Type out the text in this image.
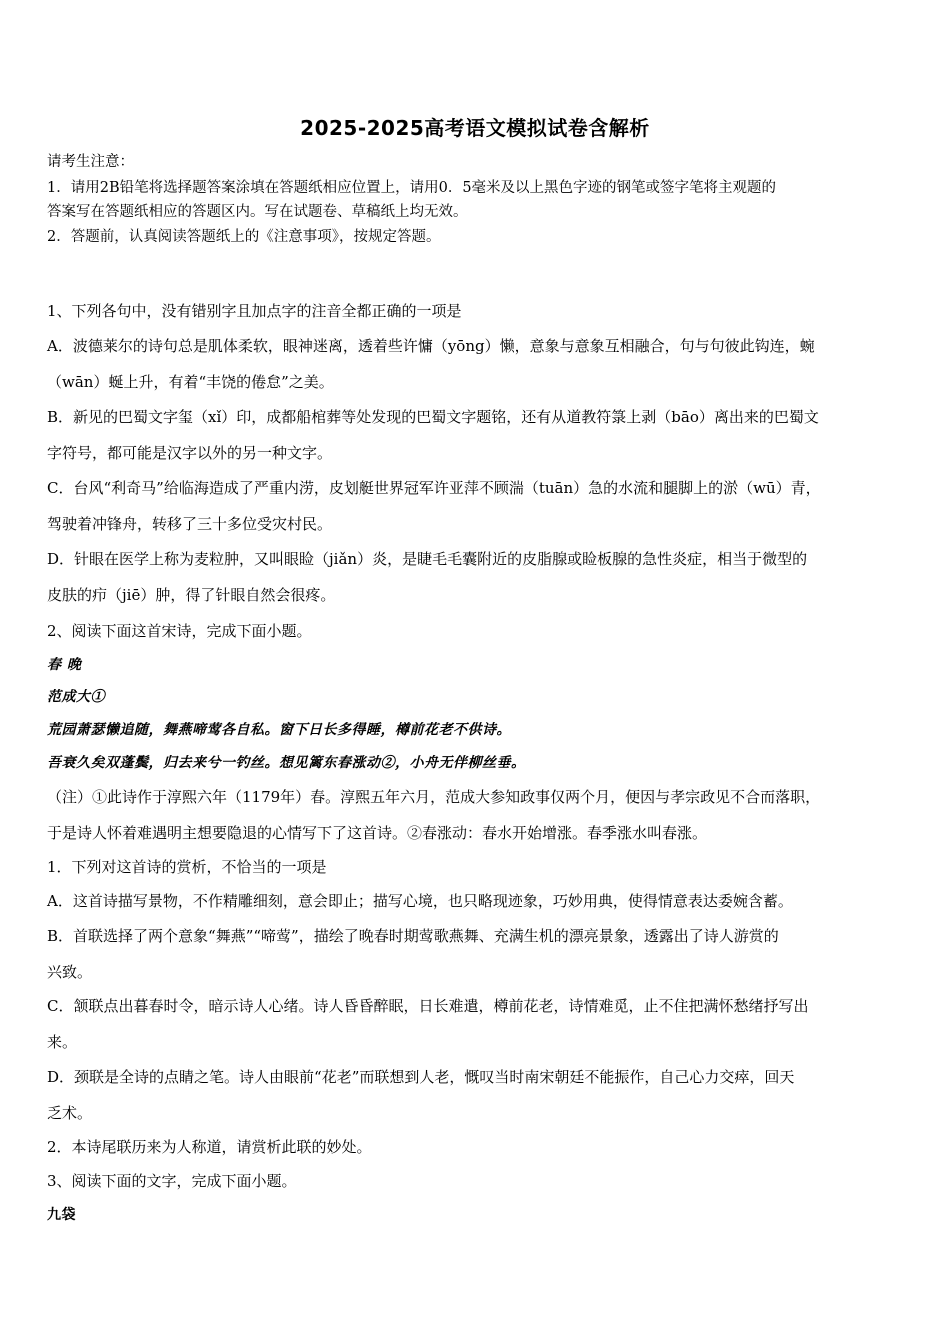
2025-2025高考语文模拟试卷含解析
请考生注意：
1．请用2B铅笔将选择题答案涂填在答题纸相应位置上，请用0．5毫米及以上黑色字迹的钢笔或签字笔将主观题的
答案写在答题纸相应的答题区内。写在试题卷、草稿纸上均无效。
2．答题前，认真阅读答题纸上的《注意事项》，按规定答题。
1、下列各句中，没有错别字且加点字的注音全都正确的一项是
A．波德莱尔的诗句总是肌体柔软，眼神迷离，透着些许慵（yōng）懒，意象与意象互相融合，句与句彼此钩连，蜿
（wān）蜒上升，有着“丰饶的倦怠”之美。
B．新见的巴蜀文字玺（xǐ）印，成都船棺葬等处发现的巴蜀文字题铭，还有从道教符箓上剥（bāo）离出来的巴蜀文
字符号，都可能是汉字以外的另一种文字。
C．台风“利奇马”给临海造成了严重内涝，皮划艇世界冠军许亚萍不顾湍（tuān）急的水流和腿脚上的淤（wū）青，
驾驶着冲锋舟，转移了三十多位受灾村民。
D．针眼在医学上称为麦粒肿，又叫眼睑（jiǎn）炎，是睫毛毛囊附近的皮脂腺或睑板腺的急性炎症，相当于微型的
皮肤的疖（jiē）肿，得了针眼自然会很疼。
2、阅读下面这首宋诗，完成下面小题。
春 晚
范成大①
荒园萧瑟懒追随，舞燕啼莺各自私。窗下日长多得睡，樽前花老不供诗。
吾衰久矣双蓬鬓，归去来兮一钓丝。想见篱东春涨动②，小舟无伴柳丝垂。
（注）①此诗作于淳熙六年（1179年）春。淳熙五年六月，范成大参知政事仅两个月，便因与孝宗政见不合而落职，
于是诗人怀着难遇明主想要隐退的心情写下了这首诗。②春涨动：春水开始增涨。春季涨水叫春涨。
1．下列对这首诗的赏析，不恰当的一项是
A．这首诗描写景物，不作精雕细刻，意会即止；描写心境，也只略现迹象，巧妙用典，使得情意表达委婉含蓄。
B．首联选择了两个意象“舞燕”“啼莺”，描绘了晚春时期莺歌燕舞、充满生机的漂亮景象，透露出了诗人游赏的
兴致。
C．颔联点出暮春时令，暗示诗人心绪。诗人昏昏醉眠，日长难遣，樽前花老，诗情难觅，止不住把满怀愁绪抒写出
来。
D．颈联是全诗的点睛之笔。诗人由眼前“花老”而联想到人老，慨叹当时南宋朝廷不能振作，自己心力交瘁，回天
乏术。
2．本诗尾联历来为人称道，请赏析此联的妙处。
3、阅读下面的文字，完成下面小题。
九袋
